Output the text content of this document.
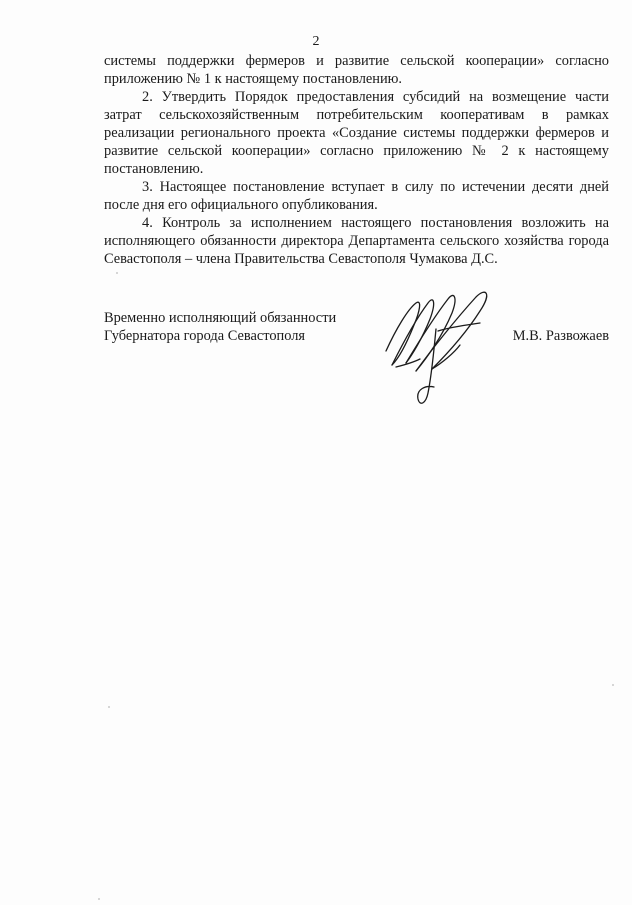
2

системы поддержки фермеров и развитие сельской кооперации» согласно приложению № 1 к настоящему постановлению.

2. Утвердить Порядок предоставления субсидий на возмещение части затрат сельскохозяйственным потребительским кооперативам в рамках реализации регионального проекта «Создание системы поддержки фермеров и развитие сельской кооперации» согласно приложению № 2 к настоящему постановлению.

3. Настоящее постановление вступает в силу по истечении десяти дней после дня его официального опубликования.

4. Контроль за исполнением настоящего постановления возложить на исполняющего обязанности директора Департамента сельского хозяйства города Севастополя – члена Правительства Севастополя Чумакова Д.С.

Временно исполняющий обязанности
Губернатора города Севастополя	М.В. Развожаев
